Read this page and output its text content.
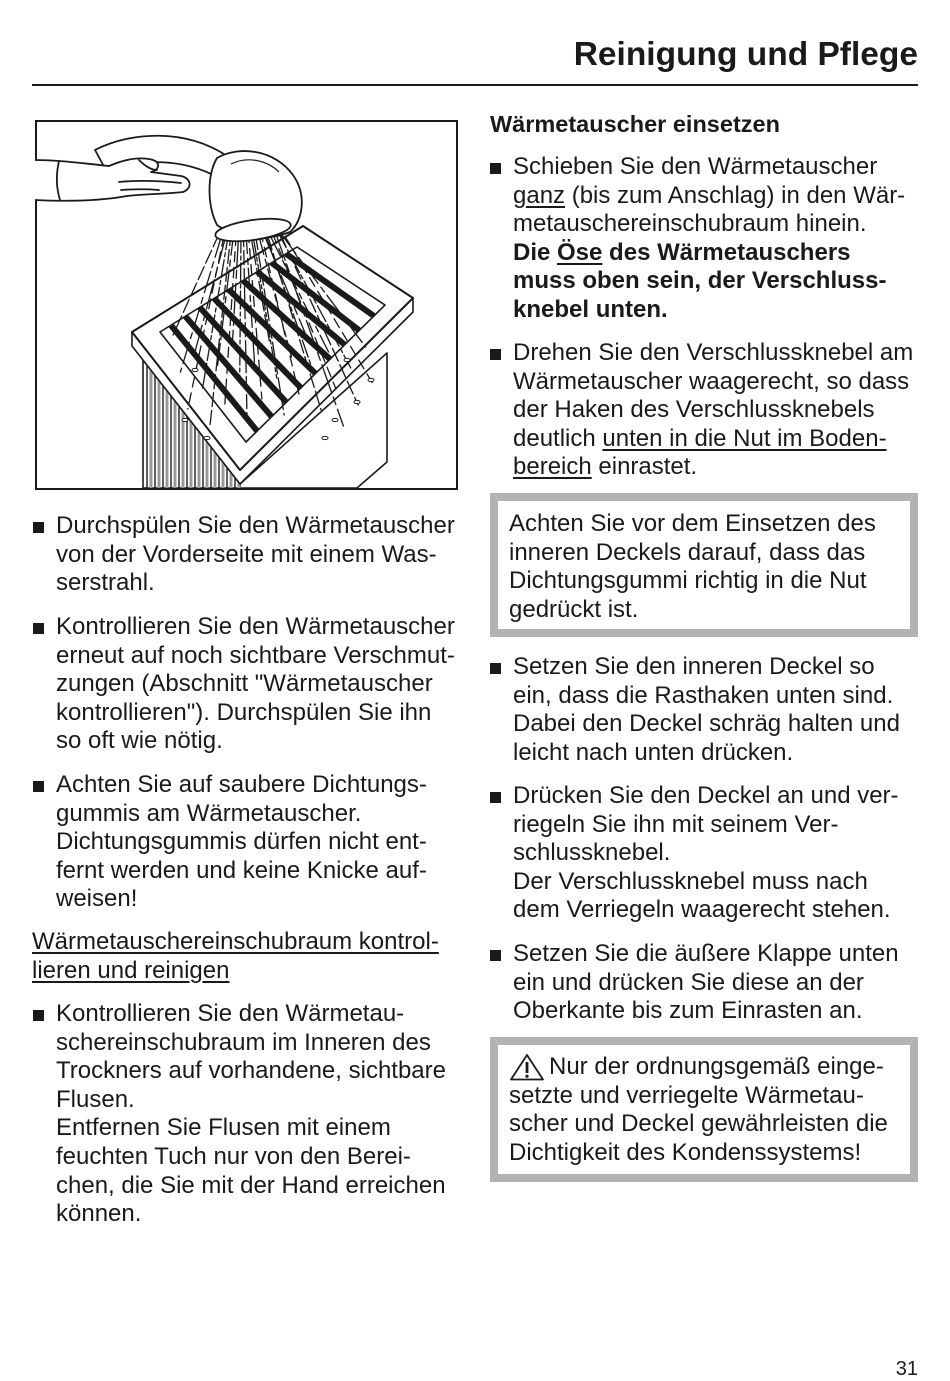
Reinigung und Pflege
Durchspülen Sie den Wärmetauscher
von der Vorderseite mit einem Was-
serstrahl.
Kontrollieren Sie den Wärmetauscher
erneut auf noch sichtbare Verschmut-
zungen (Abschnitt "Wärmetauscher
kontrollieren"). Durchspülen Sie ihn
so oft wie nötig.
Achten Sie auf saubere Dichtungs-
gummis am Wärmetauscher.
Dichtungsgummis dürfen nicht ent-
fernt werden und keine Knicke auf-
weisen!
Wärmetauschereinschubraum kontrol-
lieren und reinigen
Kontrollieren Sie den Wärmetau-
schereinschubraum im Inneren des
Trockners auf vorhandene, sichtbare
Flusen.
Entfernen Sie Flusen mit einem
feuchten Tuch nur von den Berei-
chen, die Sie mit der Hand erreichen
können.
Wärmetauscher einsetzen
Schieben Sie den Wärmetauscher
ganz (bis zum Anschlag) in den Wär-
metauschereinschubraum hinein.
Die Öse des Wärmetauschers
muss oben sein, der Verschluss-
knebel unten.
Drehen Sie den Verschlussknebel am
Wärmetauscher waagerecht, so dass
der Haken des Verschlussknebels
deutlich unten in die Nut im Boden-
bereich einrastet.
Achten Sie vor dem Einsetzen des
inneren Deckels darauf, dass das
Dichtungsgummi richtig in die Nut
gedrückt ist.
Setzen Sie den inneren Deckel so
ein, dass die Rasthaken unten sind.
Dabei den Deckel schräg halten und
leicht nach unten drücken.
Drücken Sie den Deckel an und ver-
riegeln Sie ihn mit seinem Ver-
schlussknebel.
Der Verschlussknebel muss nach
dem Verriegeln waagerecht stehen.
Setzen Sie die äußere Klappe unten
ein und drücken Sie diese an der
Oberkante bis zum Einrasten an.
Nur der ordnungsgemäß einge-
setzte und verriegelte Wärmetau-
scher und Deckel gewährleisten die
Dichtigkeit des Kondenssystems!
31
